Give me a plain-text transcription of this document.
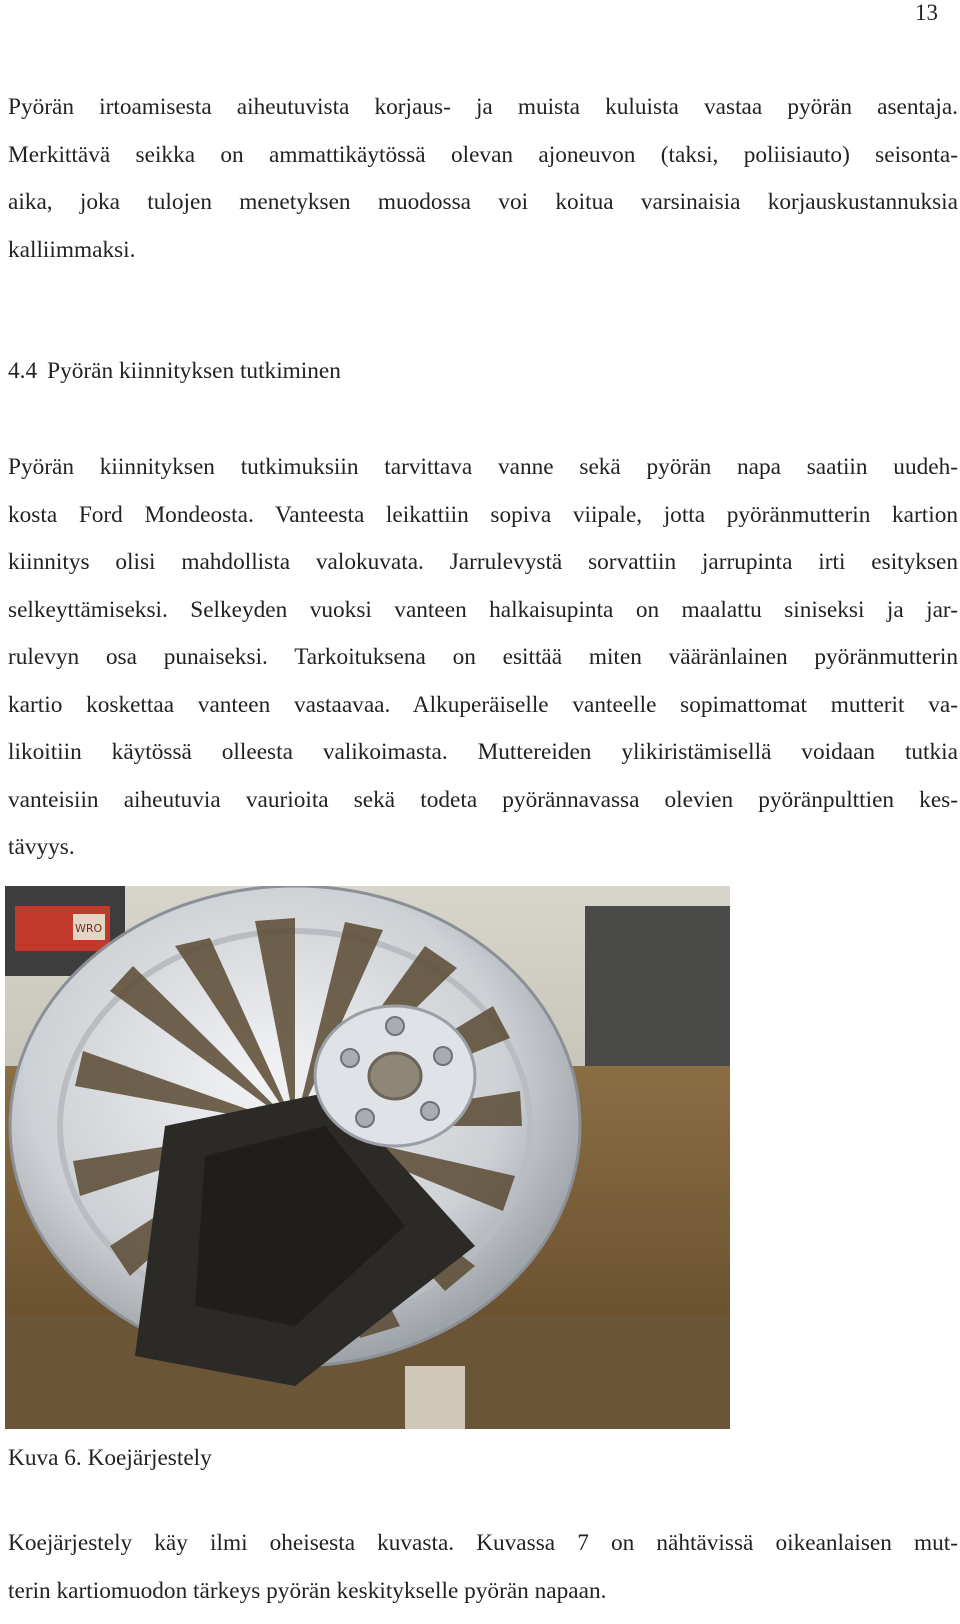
13

Pyörän irtoamisesta aiheutuvista korjaus- ja muista kuluista vastaa pyörän asentaja.
Merkittävä seikka on ammattikäytössä olevan ajoneuvon (taksi, poliisiauto) seisonta-
aika, joka tulojen menetyksen muodossa voi koitua varsinaisia korjauskustannuksia
kalliimmaksi.

4.4 Pyörän kiinnityksen tutkiminen

Pyörän kiinnityksen tutkimuksiin tarvittava vanne sekä pyörän napa saatiin uudeh-
kosta Ford Mondeosta. Vanteesta leikattiin sopiva viipale, jotta pyöränmutterin kartion
kiinnitys olisi mahdollista valokuvata. Jarrulevystä sorvattiin jarrupinta irti esityksen
selkeyttämiseksi. Selkeyden vuoksi vanteen halkaisupinta on maalattu siniseksi ja jar-
rulevyn osa punaiseksi. Tarkoituksena on esittää miten vääränlainen pyöränmutterin
kartio koskettaa vanteen vastaavaa. Alkuperäiselle vanteelle sopimattomat mutterit va-
likoitiin käytössä olleesta valikoimasta. Muttereiden ylikiristämisellä voidaan tutkia
vanteisiin aiheutuvia vaurioita sekä todeta pyörännavassa olevien pyöränpulttien kes-
tävyys.

WRO

Kuva 6. Koejärjestely

Koejärjestely käy ilmi oheisesta kuvasta. Kuvassa 7 on nähtävissä oikeanlaisen mut-
terin kartiomuodon tärkeys pyörän keskitykselle pyörän napaan.
